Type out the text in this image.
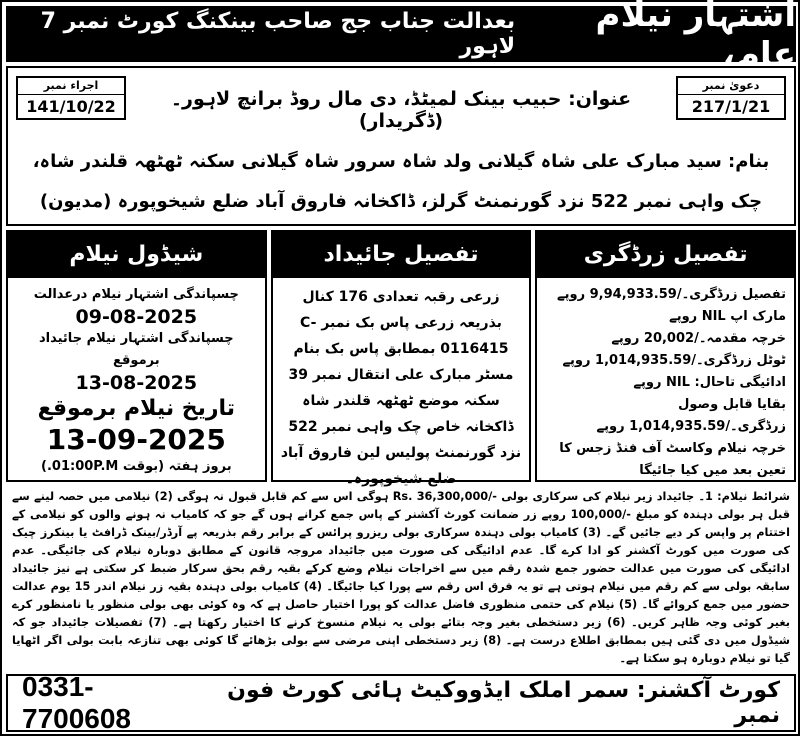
اشتہار نیلام عام،
بعدالت جناب جج صاحب بینکنگ کورٹ نمبر 7 لاہور
دعویٰ نمبر
217/1/21
اجراء نمبر
141/10/22	عنوان: حبیب بینک لمیٹڈ، دی مال روڈ برانچ لاہور۔ (ڈگریدار)
بنام: سید مبارک علی شاہ گیلانی ولد شاہ سرور شاہ گیلانی سکنہ ٹھٹھہ قلندر شاہ، چک واہی نمبر 522 نزد گورنمنٹ گرلز، ڈاکخانہ فاروق آباد ضلع شیخوپورہ (مدیون)
تفصیل زرڈگری
تفصیل زرڈگری۔/9,94,933.59 روپے
مارک اپ NIL روپے
خرچہ مقدمہ۔/20,002 روپے
ٹوٹل زرڈگری۔/1,014,935.59 روپے
ادائیگی تاحال: NIL روپے
بقایا قابل وصول زرڈگری۔/1,014,935.59 روپے
خرچہ نیلام وکاسٹ آف فنڈ زجس کا تعین بعد میں کیا جائیگا
تفصیل جائیداد
زرعی رقبہ تعدادی 176 کنال بذریعہ زرعی پاس بک نمبر C-0116415 بمطابق پاس بک بنام مسٹر مبارک علی انتقال نمبر 39 سکنہ موضع ٹھٹھہ قلندر شاہ ڈاکخانہ خاص چک واہی نمبر 522 نزد گورنمنٹ پولیس لین فاروق آباد ضلع شیخوپورہ۔
شیڈول نیلام
چسپاندگی اشتہار نیلام درعدالت
09-08-2025
چسپاندگی اشتہار نیلام جائیداد برموقع
13-08-2025
تاریخ نیلام برموقع
13-09-2025
بروز ہفتہ (بوقت 01:00P.M.)
شرائط نیلام: 1۔ جائیداد زیر نیلام کی سرکاری بولی -/Rs. 36,300,000 ہوگی اس سے کم قابل قبول نہ ہوگی (2) نیلامی میں حصہ لینے سے قبل ہر بولی دہندہ کو مبلغ -/100,000 روپے زر ضمانت کورٹ آکشنر کے پاس جمع کرانے ہوں گے جو کہ کامیاب نہ ہونے والوں کو نیلامی کے اختتام پر واپس کر دیے جائیں گے۔ (3) کامیاب بولی دہندہ سرکاری بولی ریزرو پرائس کے برابر رقم بذریعہ پے آرڈر/بینک ڈرافٹ یا بینکرز چیک کی صورت میں کورٹ آکشنر کو ادا کرے گا۔ عدم ادائیگی کی صورت میں جائیداد مروجہ قانون کے مطابق دوبارہ نیلام کی جائیگی۔ عدم ادائیگی کی صورت میں عدالت حضور جمع شدہ رقم میں سے اخراجات نیلام وضع کرکے بقیہ رقم بحق سرکار ضبط کر سکتی ہے نیز جائیداد سابقہ بولی سے کم رقم میں نیلام ہوتی ہے تو یہ فرق اس رقم سے پورا کیا جائیگا۔ (4) کامیاب بولی دہندہ بقیہ زر نیلام اندر 15 یوم عدالت حضور میں جمع کروائے گا۔ (5) نیلام کی حتمی منظوری فاضل عدالت کو پورا اختیار حاصل ہے کہ وہ کوئی بھی بولی منظور یا نامنظور کرے بغیر کوئی وجہ ظاہر کریں۔ (6) زیر دستخطی بغیر وجہ بتائے بولی یہ نیلام منسوخ کرنے کا اختیار رکھتا ہے۔ (7) تفصیلات جائیداد جو کہ شیڈول میں دی گئی ہیں بمطابق اطلاع درست ہے۔ (8) زیر دستخطی اپنی مرضی سے بولی بڑھائے گا کوئی بھی تنازعہ بابت بولی اگر اٹھایا گیا تو نیلام دوبارہ ہو سکتا ہے۔
0331-7700608
کورٹ آکشنر: سمر املک ایڈووکیٹ ہائی کورٹ فون نمبر
